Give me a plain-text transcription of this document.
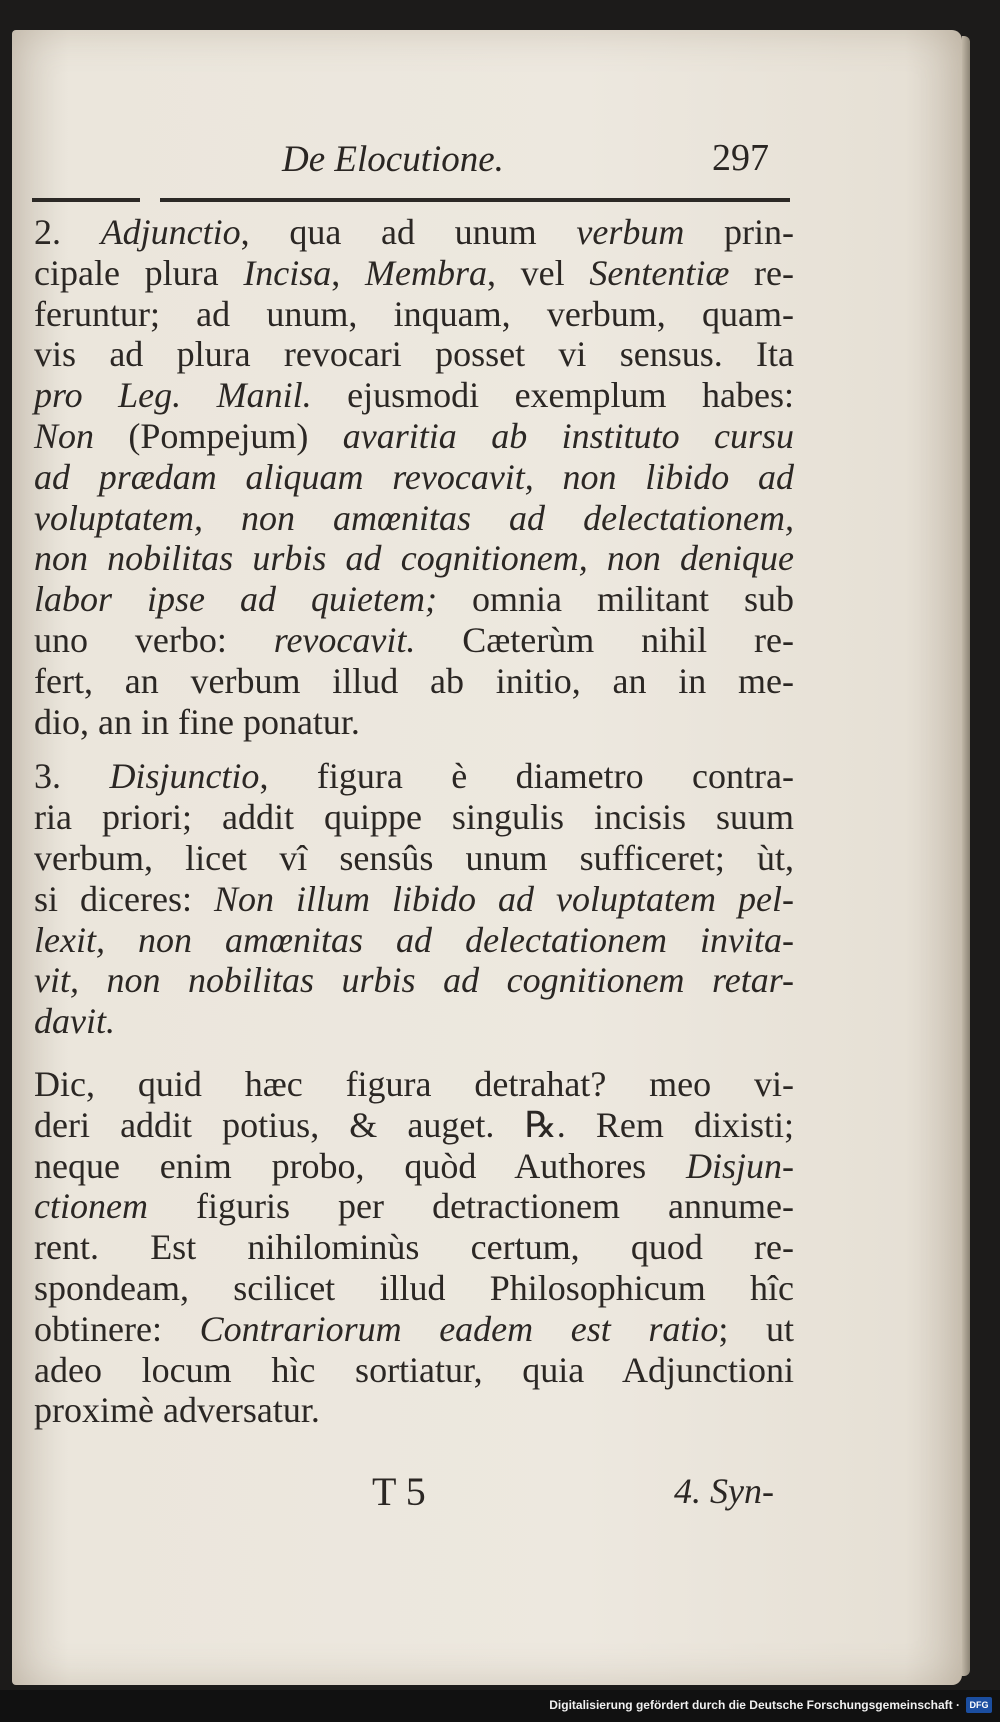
De Elocutione.	297
2. Adjunctio, qua ad unum verbum prin-
cipale plura Incisa, Membra, vel Sententiæ re-
feruntur; ad unum, inquam, verbum, quam-
vis ad plura revocari posset vi sensus. Ita
pro Leg. Manil. ejusmodi exemplum habes:
Non (Pompejum) avaritia ab instituto cursu
ad prædam aliquam revocavit, non libido ad
voluptatem, non amœnitas ad delectationem,
non nobilitas urbis ad cognitionem, non denique
labor ipse ad quietem; omnia militant sub
uno verbo: revocavit. Cæterùm nihil re-
fert, an verbum illud ab initio, an in me-
dio, an in fine ponatur.
3. Disjunctio, figura è diametro contra-
ria priori; addit quippe singulis incisis suum
verbum, licet vî sensûs unum sufficeret; ùt,
si diceres: Non illum libido ad voluptatem pel-
lexit, non amœnitas ad delectationem invita-
vit, non nobilitas urbis ad cognitionem retar-
davit.
Dic, quid hæc figura detrahat? meo vi-
deri addit potius, & auget. ℞. Rem dixisti;
neque enim probo, quòd Authores Disjun-
ctionem figuris per detractionem annume-
rent. Est nihilominùs certum, quod re-
spondeam, scilicet illud Philosophicum hîc
obtinere: Contrariorum eadem est ratio; ut
adeo locum hìc sortiatur, quia Adjunctioni
proximè adversatur.
T 5	4. Syn-
Digitalisierung gefördert durch die Deutsche Forschungsgemeinschaft ·	DFG
